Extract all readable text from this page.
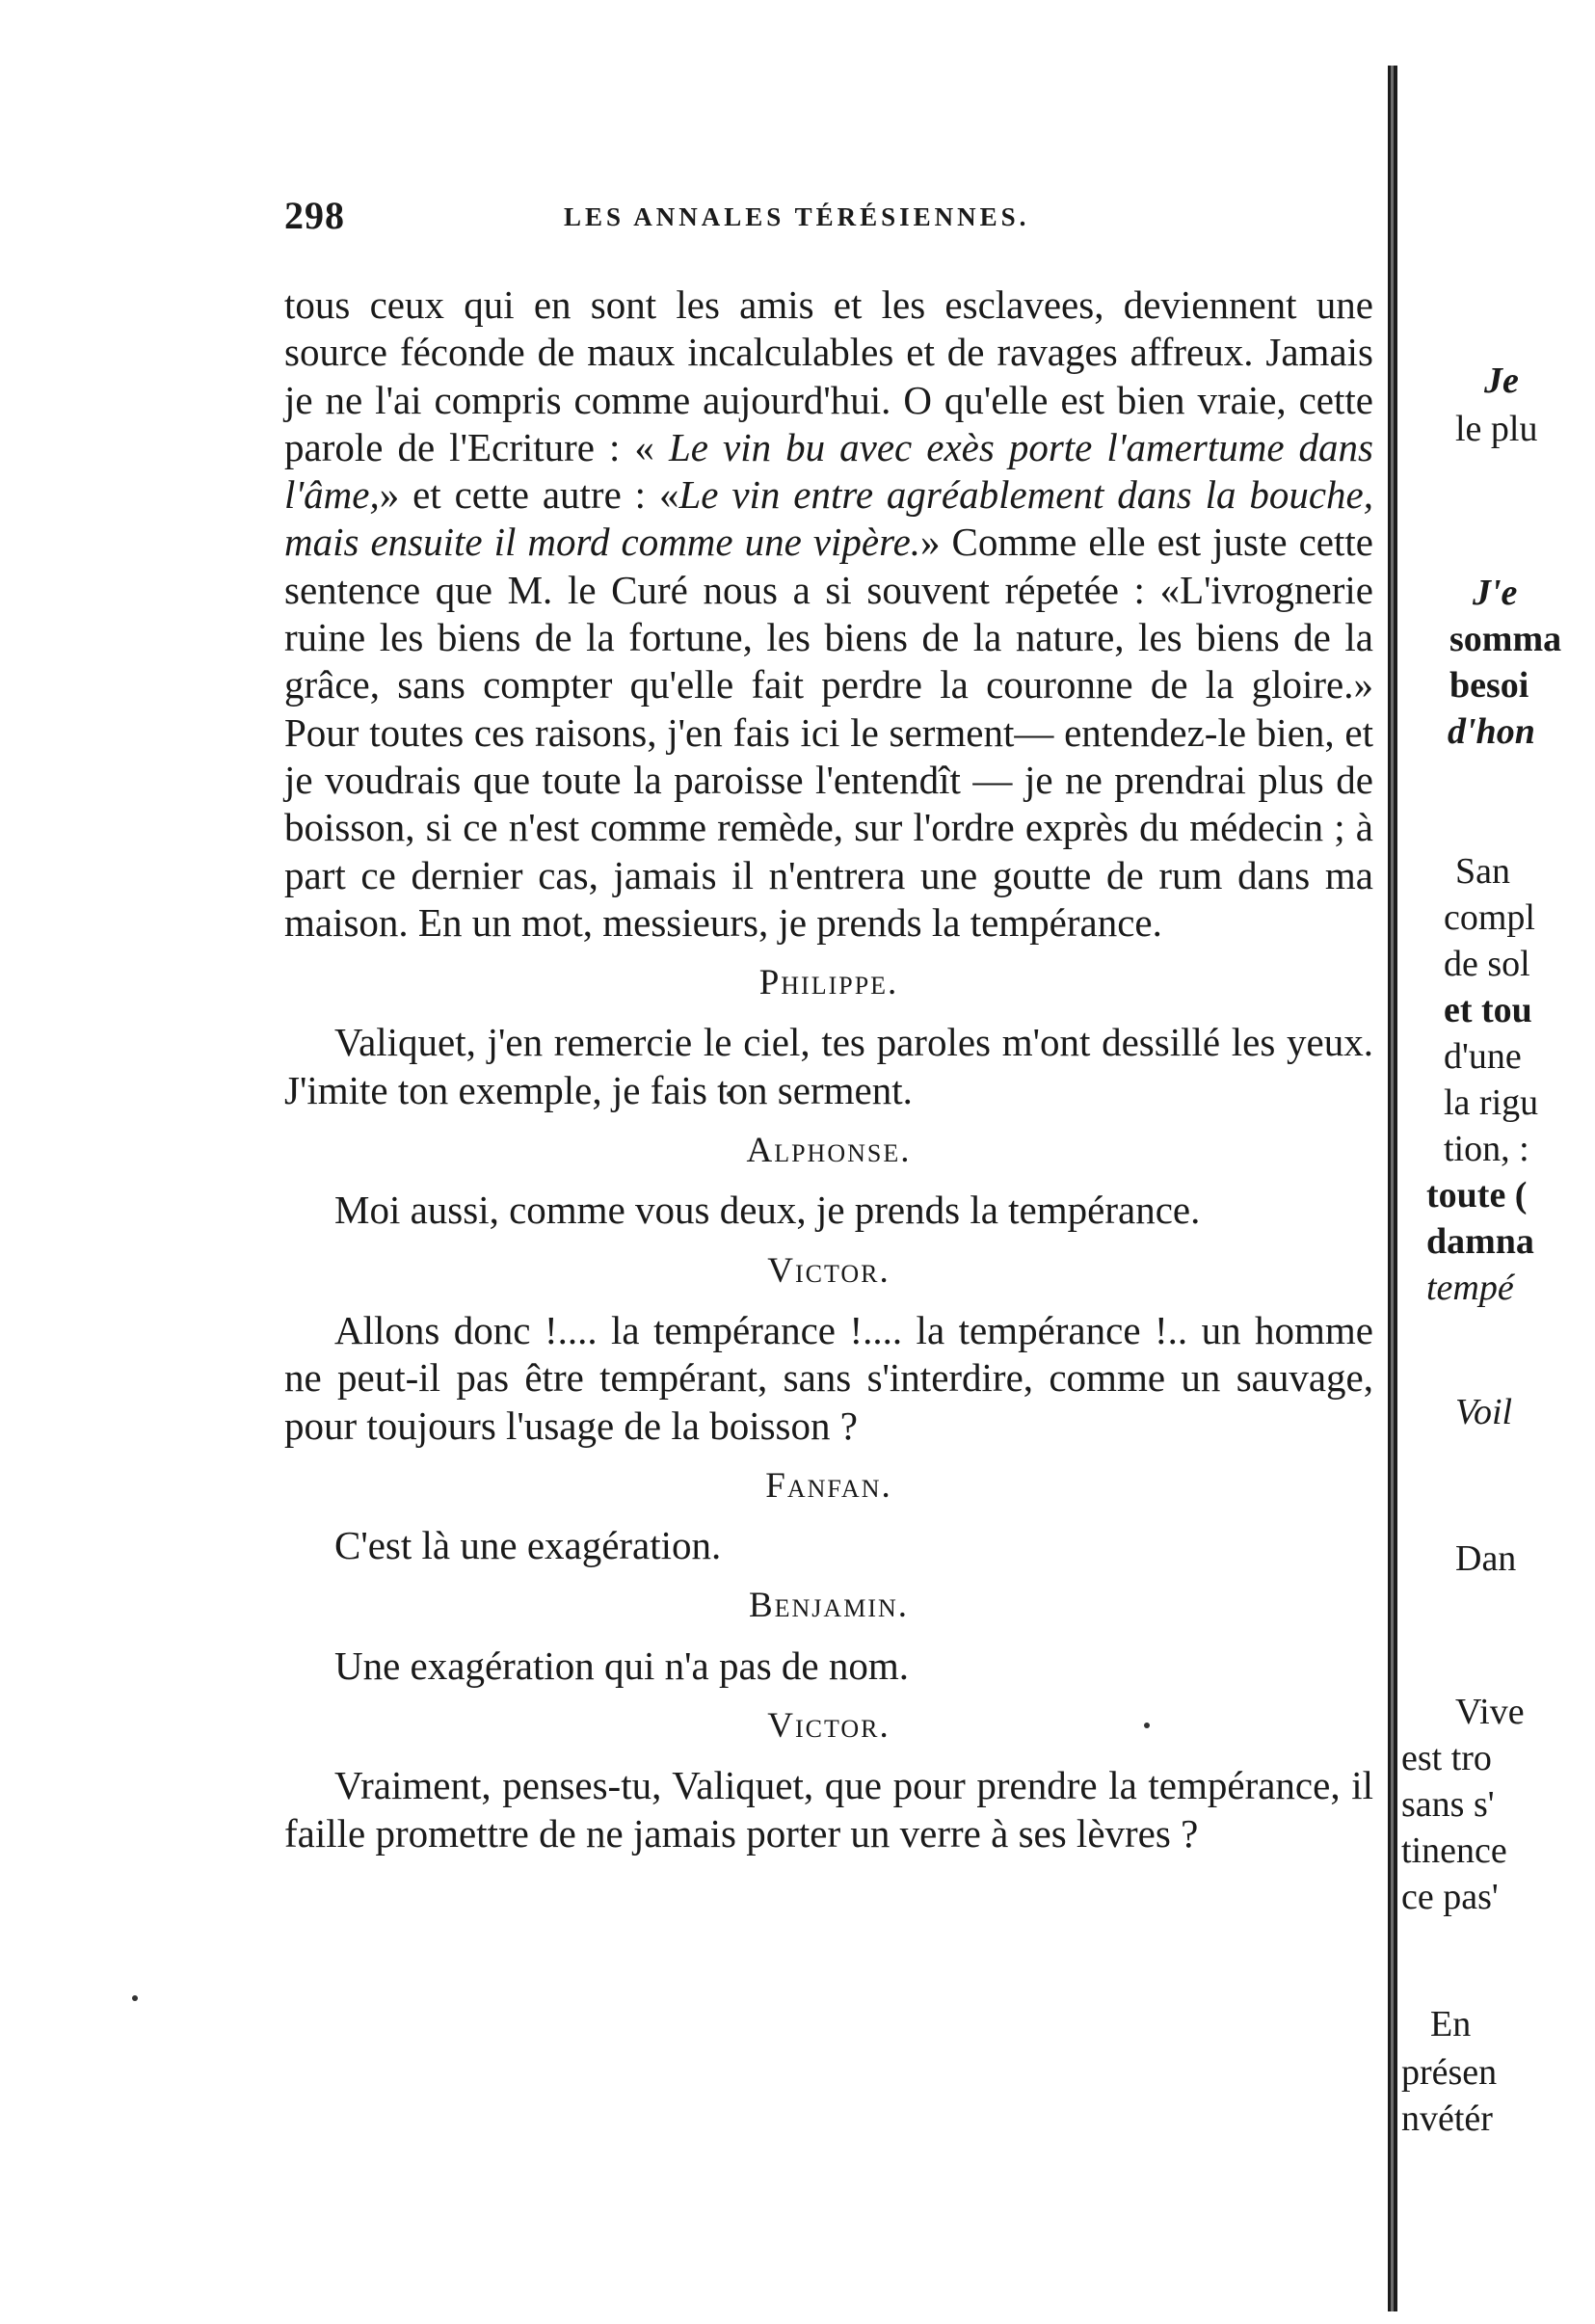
298	LES ANNALES TÉRÉSIENNES.

tous ceux qui en sont les amis et les esclavees, deviennent une source féconde de maux incalculables et de ravages affreux. Jamais je ne l'ai compris comme aujourd'hui. O qu'elle est bien vraie, cette parole de l'Ecriture : « Le vin bu avec exès porte l'amertume dans l'âme,» et cette autre : «Le vin entre agréablement dans la bouche, mais ensuite il mord comme une vipère.» Comme elle est juste cette sentence que M. le Curé nous a si souvent répetée : «L'ivrognerie ruine les biens de la fortune, les biens de la nature, les biens de la grâce, sans compter qu'elle fait perdre la couronne de la gloire.» Pour toutes ces raisons, j'en fais ici le serment— entendez-le bien, et je voudrais que toute la paroisse l'entendît — je ne prendrai plus de boisson, si ce n'est comme remède, sur l'ordre exprès du médecin ; à part ce dernier cas, jamais il n'entrera une goutte de rum dans ma maison. En un mot, messieurs, je prends la tempérance.

Philippe.

Valiquet, j'en remercie le ciel, tes paroles m'ont dessillé les yeux. J'imite ton exemple, je fais ton serment.

Alphonse.

Moi aussi, comme vous deux, je prends la tempérance.

Victor.

Allons donc !.... la tempérance !.... la tempérance !.. un homme ne peut-il pas être tempérant, sans s'interdire, comme un sauvage, pour toujours l'usage de la boisson ?

Fanfan.

C'est là une exagération.

Benjamin.

Une exagération qui n'a pas de nom.

Victor.

Vraiment, penses-tu, Valiquet, que pour prendre la tempérance, il faille promettre de ne jamais porter un verre à ses lèvres ?

Je
le plu
J'e
somma
besoi
d'hon
San
compl
de sol
et tou
d'une
la rigu
tion, :
toute (
damna
tempé
Voil
Dan
Vive
est tro
sans s'
tinence
ce pas'
En
présen
nvétér
